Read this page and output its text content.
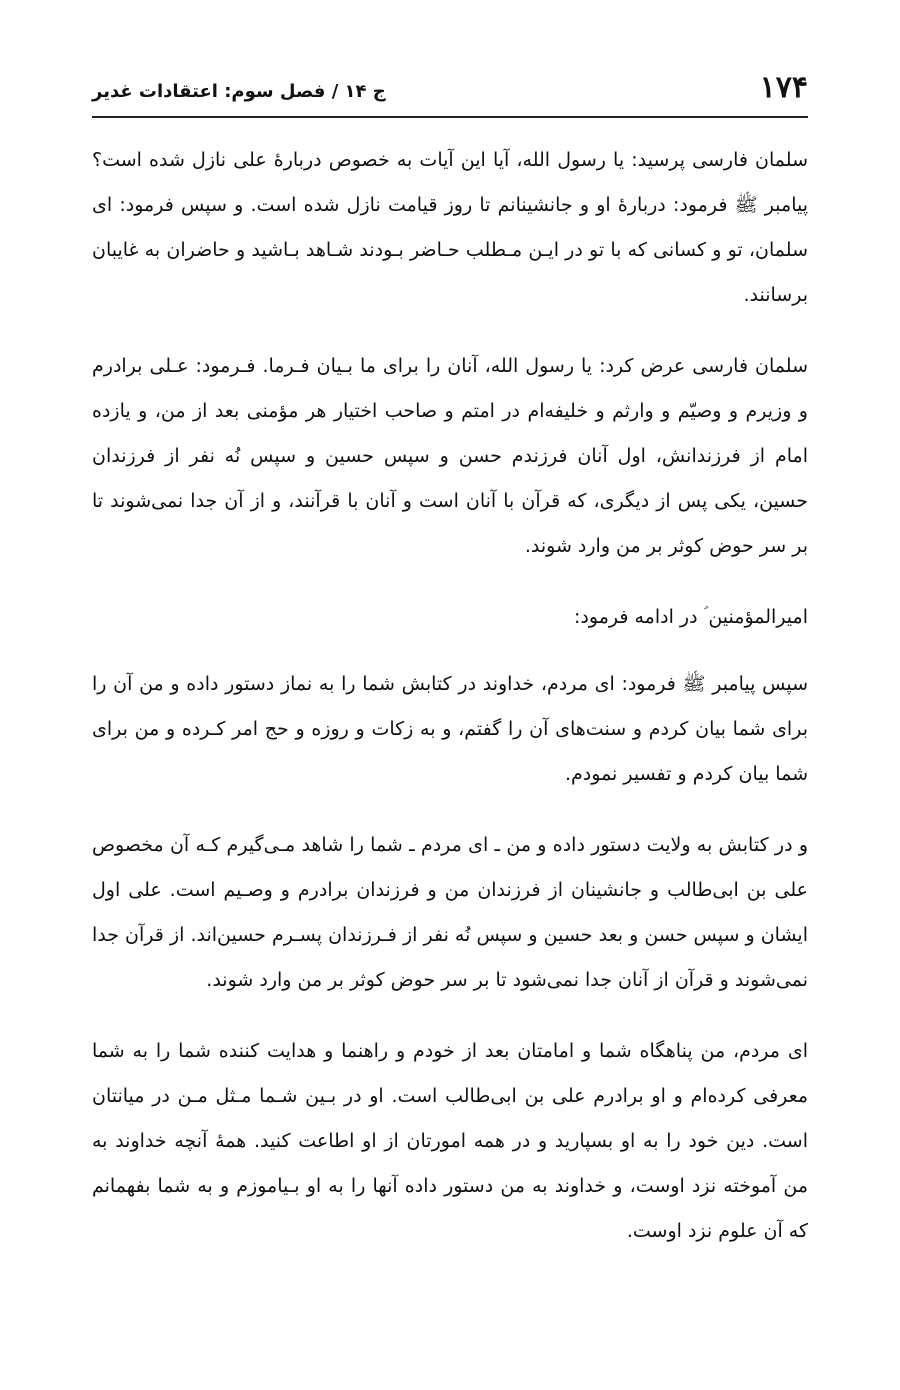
۱۷۴
ج ۱۴ / فصل سوم: اعتقادات غدیر

سلمان فارسی پرسید: یا رسول الله، آیا این آیات به خصوص دربارهٔ علی نازل شده است؟ پیامبر ﷺ فرمود: دربارهٔ او و جانشینانم تا روز قیامت نازل شده است. و سپس فرمود: ای سلمان، تو و کسانی که با تو در ایـن مـطلب حـاضر بـودند شـاهد بـاشید و حاضران به غایبان برسانند.

سلمان فارسی عرض کرد: یا رسول الله، آنان را برای ما بـیان فـرما. فـرمود: عـلی برادرم و وزیرم و وصیّم و وارثم و خلیفه‌ام در امتم و صاحب اختیار هر مؤمنی بعد از من، و یازده امام از فرزندانش، اول آنان فرزندم حسن و سپس حسین و سپس نُه نفر از فرزندان حسین، یکی پس از دیگری، که قرآن با آنان است و آنان با قرآنند، و از آن جدا نمی‌شوند تا بر سر حوض کوثر بر من وارد شوند.

امیرالمؤمنین ؑ در ادامه فرمود:

سپس پیامبر ﷺ فرمود: ای مردم، خداوند در کتابش شما را به نماز دستور داده و من آن را برای شما بیان کردم و سنت‌های آن را گفتم، و به زکات و روزه و حج امر کـرده و من برای شما بیان کردم و تفسیر نمودم.

و در کتابش به ولایت دستور داده و من ـ ای مردم ـ شما را شاهد مـی‌گیرم کـه آن مخصوص علی بن ابی‌طالب و جانشینان از فرزندان من و فرزندان برادرم و وصـیم است. علی اول ایشان و سپس حسن و بعد حسین و سپس نُه نفر از فـرزندان پسـرم حسین‌اند. از قرآن جدا نمی‌شوند و قرآن از آنان جدا نمی‌شود تا بر سر حوض کوثر بر من وارد شوند.

ای مردم، من پناهگاه شما و امامتان بعد از خودم و راهنما و هدایت کننده شما را به شما معرفی کرده‌ام و او برادرم علی بن ابی‌طالب است. او در بـین شـما مـثل مـن در میانتان است. دین خود را به او بسپارید و در همه امورتان از او اطاعت کنید. همهٔ آنچه خداوند به من آموخته نزد اوست، و خداوند به من دستور داده آنها را به او بـیاموزم و به شما بفهمانم که آن علوم نزد اوست.
